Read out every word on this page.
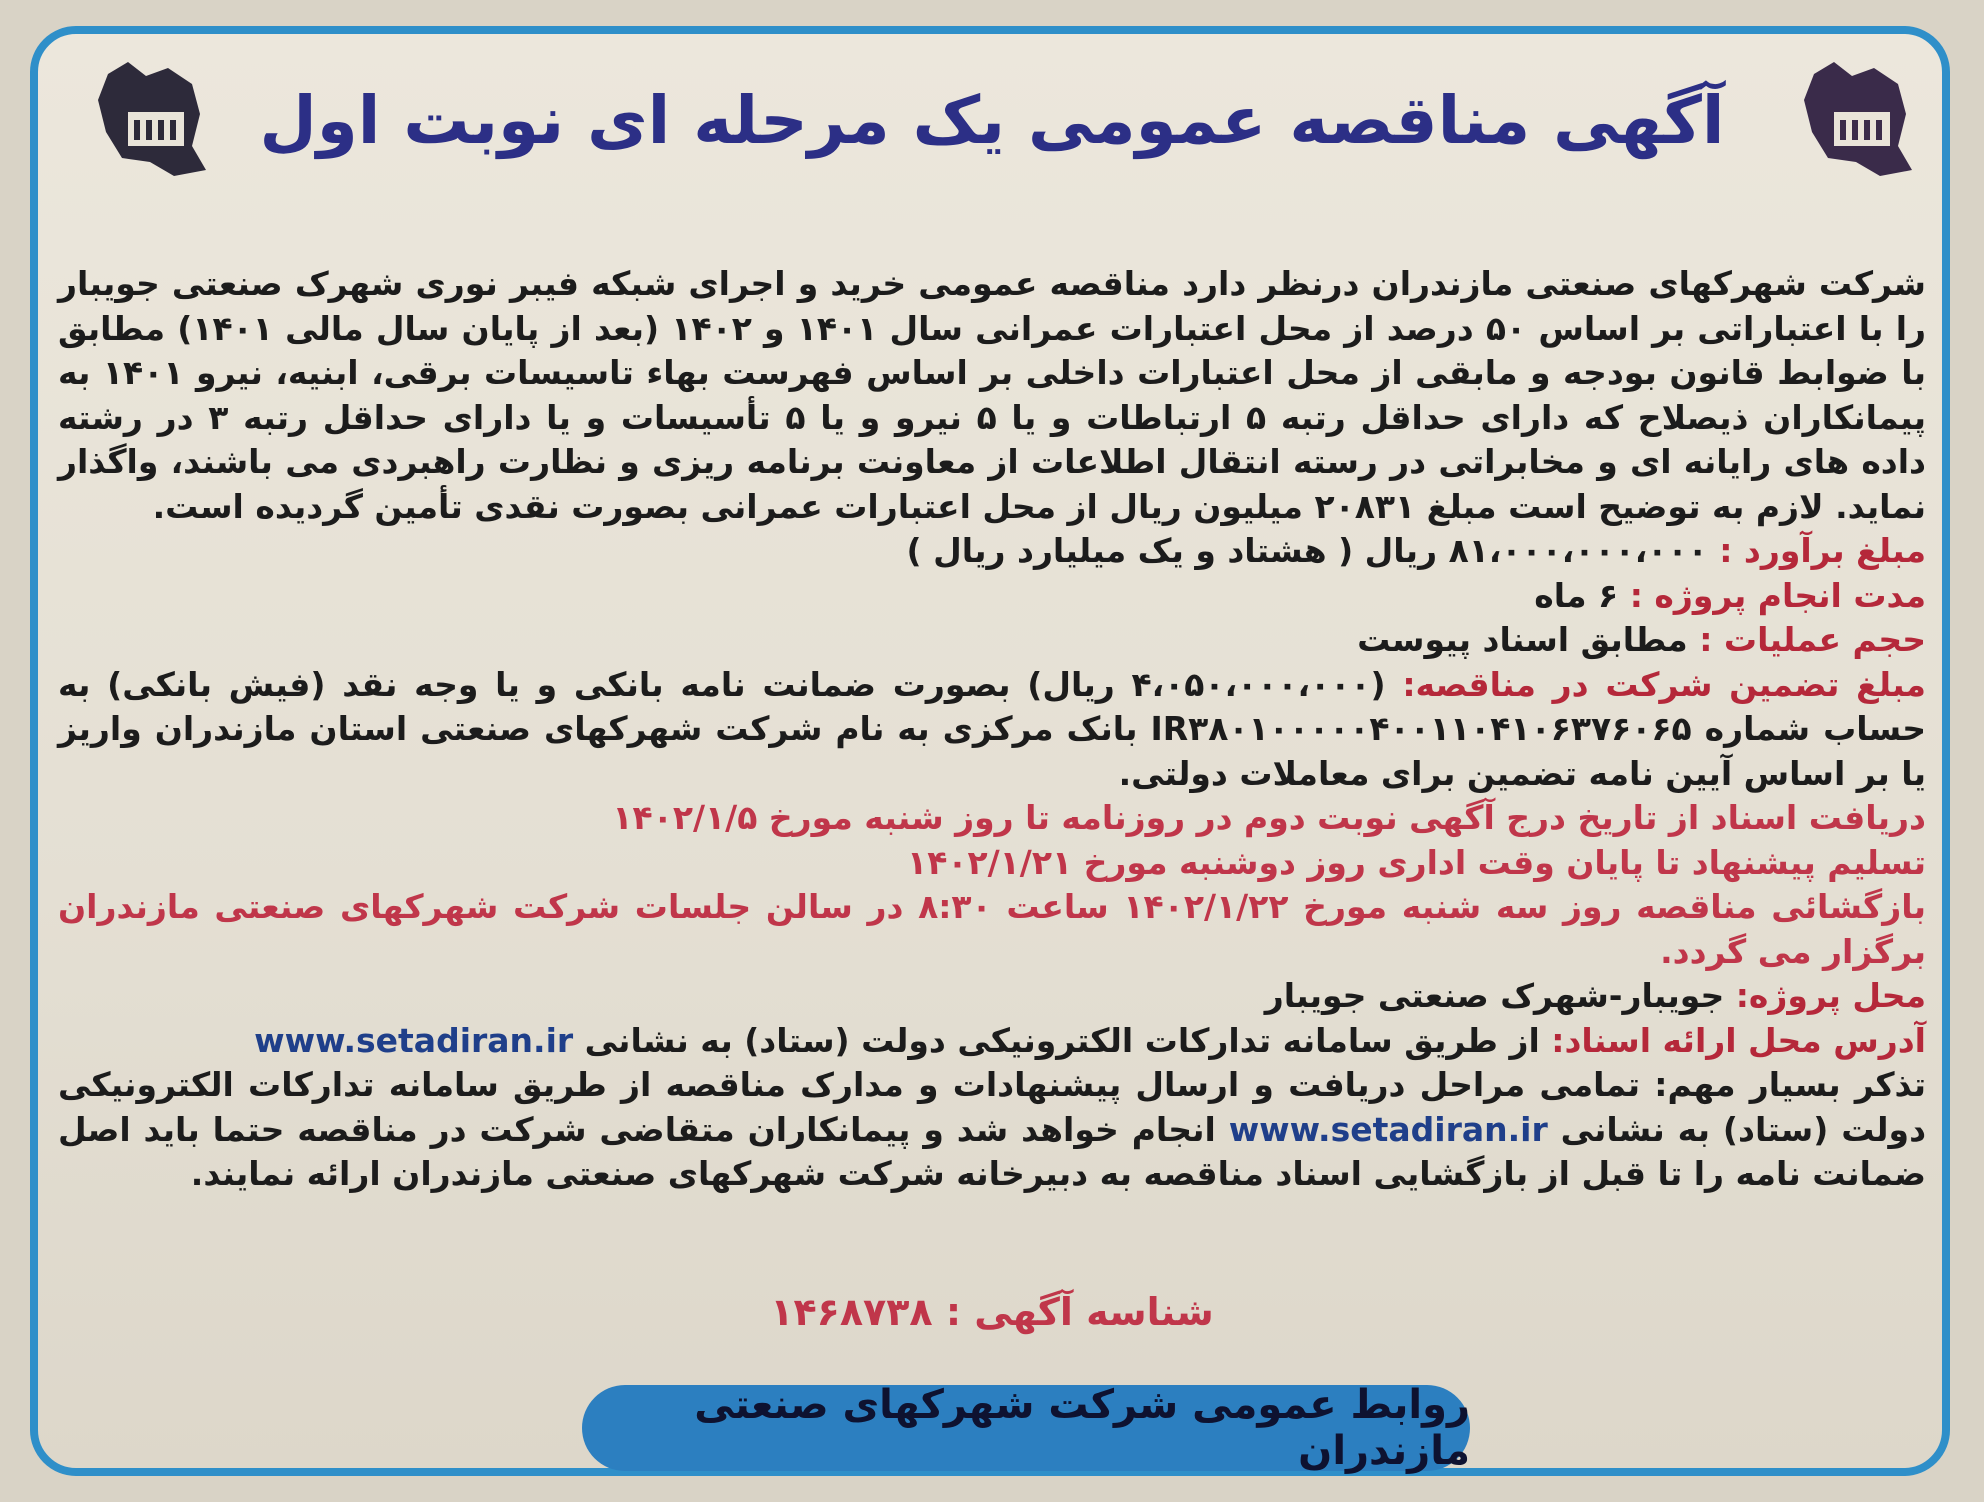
آگهی مناقصه عمومی یک مرحله ای نوبت اول

شرکت شهرکهای صنعتی مازندران درنظر دارد مناقصه عمومی خرید و اجرای شبکه فیبر نوری شهرک صنعتی جویبار را با اعتباراتی بر اساس ۵۰ درصد از محل اعتبارات عمرانی سال ۱۴۰۱ و ۱۴۰۲ (بعد از پایان سال مالی ۱۴۰۱) مطابق با ضوابط قانون بودجه و مابقی از محل اعتبارات داخلی بر اساس فهرست بهاء تاسیسات برقی، ابنیه، نیرو ۱۴۰۱ به پیمانکاران ذیصلاح که دارای حداقل رتبه ۵ ارتباطات و یا ۵ نیرو و یا ۵ تأسیسات و یا دارای حداقل رتبه ۳ در رشته داده های رایانه ای و مخابراتی در رسته انتقال اطلاعات از معاونت برنامه ریزی و نظارت راهبردی می باشند، واگذار نماید. لازم به توضیح است مبلغ ۲۰۸۳۱ میلیون ریال از محل اعتبارات عمرانی بصورت نقدی تأمین گردیده است.

مبلغ برآورد : ۸۱،۰۰۰،۰۰۰،۰۰۰ ریال ( هشتاد و یک میلیارد ریال )

مدت انجام پروژه : ۶ ماه

حجم عملیات : مطابق اسناد پیوست

مبلغ تضمین شرکت در مناقصه: (۴،۰۵۰،۰۰۰،۰۰۰ ریال) بصورت ضمانت نامه بانکی و یا وجه نقد (فیش بانکی) به حساب شماره IR۳۸۰۱۰۰۰۰۰۴۰۰۱۱۰۴۱۰۶۳۷۶۰۶۵ بانک مرکزی به نام شرکت شهرکهای صنعتی استان مازندران واریز یا بر اساس آیین نامه تضمین برای معاملات دولتی.

دریافت اسناد از تاریخ درج آگهی نوبت دوم در روزنامه تا روز شنبه مورخ ۱۴۰۲/۱/۵

تسلیم پیشنهاد تا پایان وقت اداری روز دوشنبه مورخ ۱۴۰۲/۱/۲۱

بازگشائی مناقصه روز سه شنبه مورخ ۱۴۰۲/۱/۲۲ ساعت ۸:۳۰ در سالن جلسات شرکت شهرکهای صنعتی مازندران برگزار می گردد.

محل پروژه: جویبار-شهرک صنعتی جویبار

آدرس محل ارائه اسناد: از طریق سامانه تدارکات الکترونیکی دولت (ستاد) به نشانی www.setadiran.ir

تذکر بسیار مهم: تمامی مراحل دریافت و ارسال پیشنهادات و مدارک مناقصه از طریق سامانه تدارکات الکترونیکی دولت (ستاد) به نشانی www.setadiran.ir انجام خواهد شد و پیمانکاران متقاضی شرکت در مناقصه حتما باید اصل ضمانت نامه را تا قبل از بازگشایی اسناد مناقصه به دبیرخانه شرکت شهرکهای صنعتی مازندران ارائه نمایند.

شناسه آگهی : ۱۴۶۸۷۳۸
روابط عمومی شرکت شهرکهای صنعتی مازندران
